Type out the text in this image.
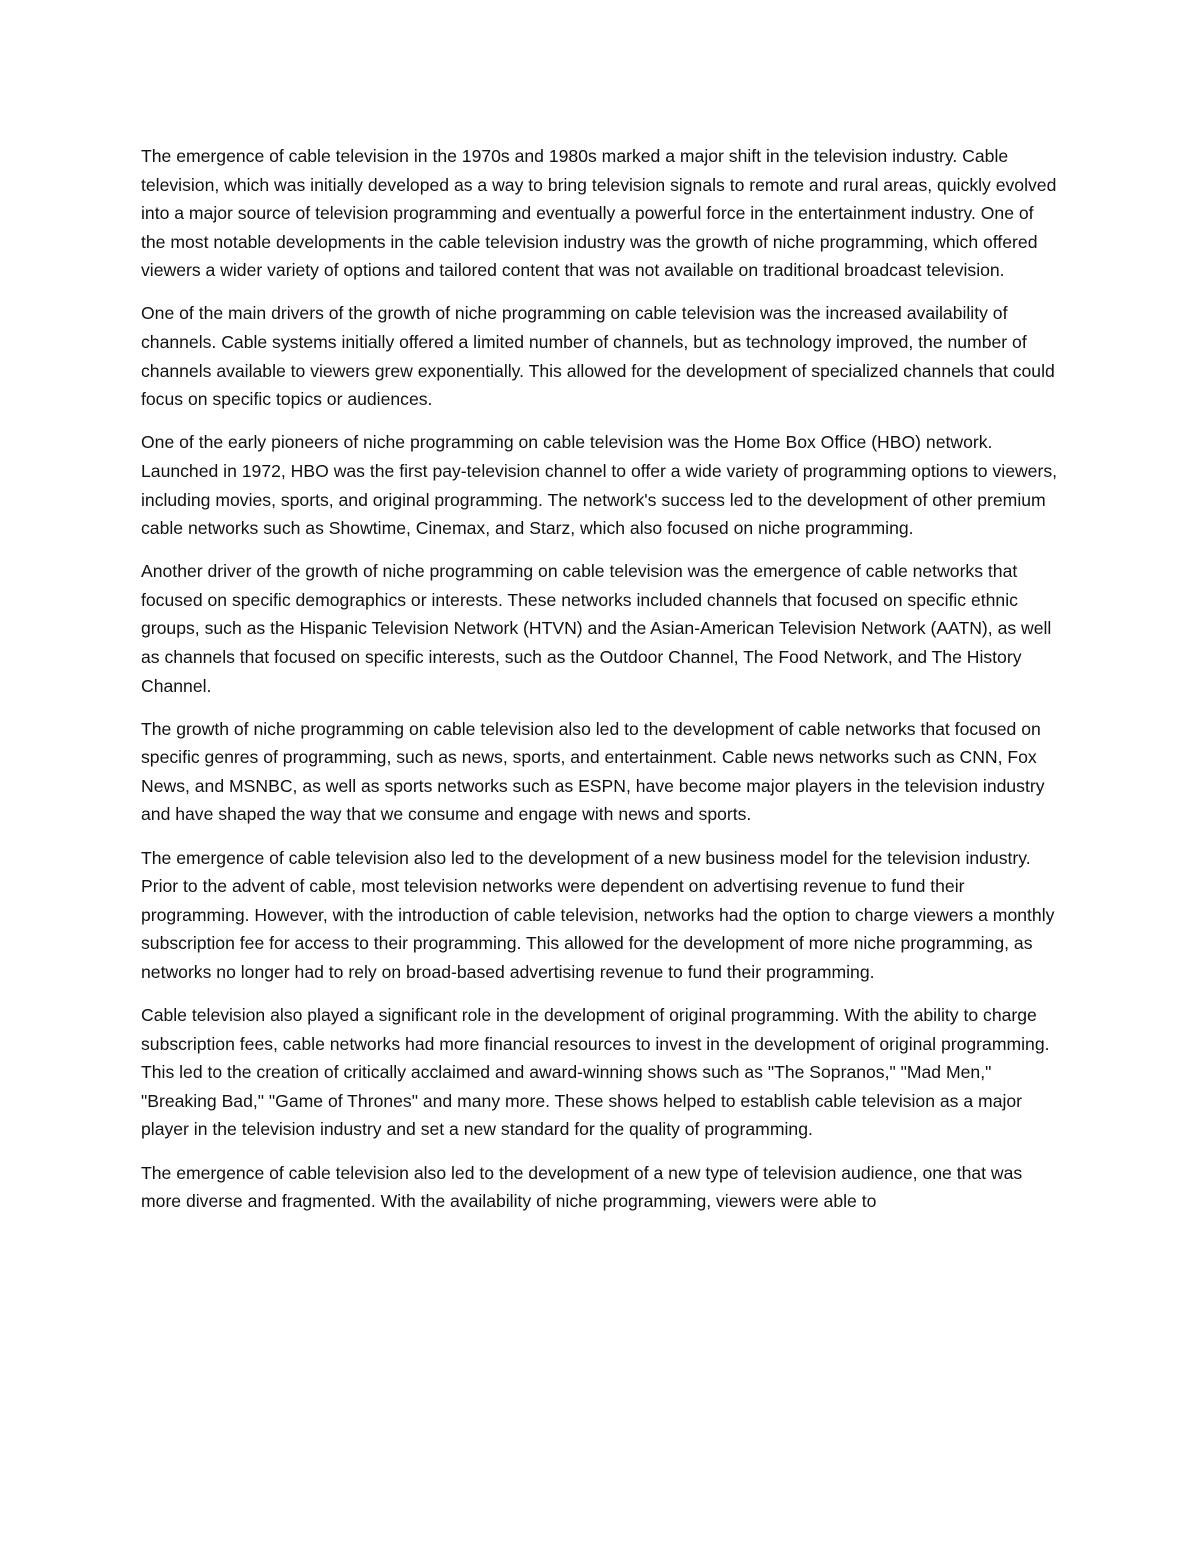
The emergence of cable television in the 1970s and 1980s marked a major shift in the television industry. Cable television, which was initially developed as a way to bring television signals to remote and rural areas, quickly evolved into a major source of television programming and eventually a powerful force in the entertainment industry. One of the most notable developments in the cable television industry was the growth of niche programming, which offered viewers a wider variety of options and tailored content that was not available on traditional broadcast television.

One of the main drivers of the growth of niche programming on cable television was the increased availability of channels. Cable systems initially offered a limited number of channels, but as technology improved, the number of channels available to viewers grew exponentially. This allowed for the development of specialized channels that could focus on specific topics or audiences.

One of the early pioneers of niche programming on cable television was the Home Box Office (HBO) network. Launched in 1972, HBO was the first pay-television channel to offer a wide variety of programming options to viewers, including movies, sports, and original programming. The network's success led to the development of other premium cable networks such as Showtime, Cinemax, and Starz, which also focused on niche programming.

Another driver of the growth of niche programming on cable television was the emergence of cable networks that focused on specific demographics or interests. These networks included channels that focused on specific ethnic groups, such as the Hispanic Television Network (HTVN) and the Asian-American Television Network (AATN), as well as channels that focused on specific interests, such as the Outdoor Channel, The Food Network, and The History Channel.

The growth of niche programming on cable television also led to the development of cable networks that focused on specific genres of programming, such as news, sports, and entertainment. Cable news networks such as CNN, Fox News, and MSNBC, as well as sports networks such as ESPN, have become major players in the television industry and have shaped the way that we consume and engage with news and sports.

The emergence of cable television also led to the development of a new business model for the television industry. Prior to the advent of cable, most television networks were dependent on advertising revenue to fund their programming. However, with the introduction of cable television, networks had the option to charge viewers a monthly subscription fee for access to their programming. This allowed for the development of more niche programming, as networks no longer had to rely on broad-based advertising revenue to fund their programming.

Cable television also played a significant role in the development of original programming. With the ability to charge subscription fees, cable networks had more financial resources to invest in the development of original programming. This led to the creation of critically acclaimed and award-winning shows such as "The Sopranos," "Mad Men," "Breaking Bad," "Game of Thrones" and many more. These shows helped to establish cable television as a major player in the television industry and set a new standard for the quality of programming.

The emergence of cable television also led to the development of a new type of television audience, one that was more diverse and fragmented. With the availability of niche programming, viewers were able to
